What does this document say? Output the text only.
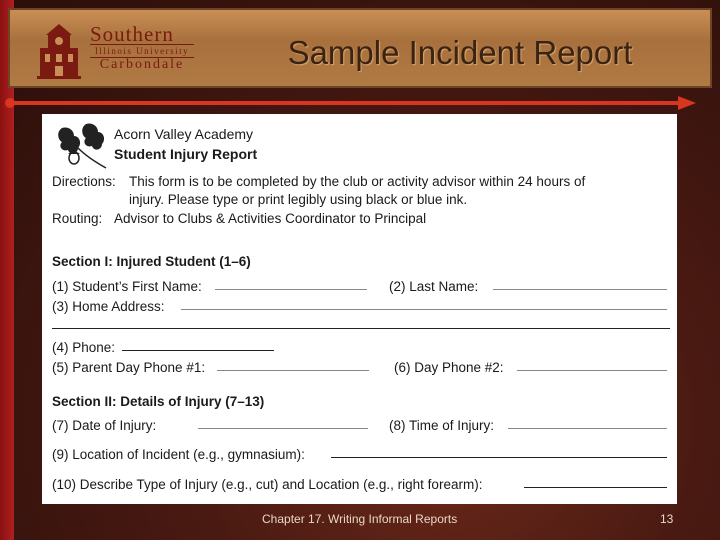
Southern
Illinois University
Carbondale	Sample Incident Report
Acorn Valley Academy
Student Injury Report
Directions: This form is to be completed by the club or activity advisor within 24 hours of
injury. Please type or print legibly using black or blue ink.
Routing: Advisor to Clubs & Activities Coordinator to Principal
Section I: Injured Student (1–6)
(1) Student’s First Name:	(2) Last Name:
(3) Home Address:
(4) Phone:
(5) Parent Day Phone #1:	(6) Day Phone #2:
Section II: Details of Injury (7–13)
(7) Date of Injury:	(8) Time of Injury:
(9) Location of Incident (e.g., gymnasium):
(10) Describe Type of Injury (e.g., cut) and Location (e.g., right forearm):
Chapter 17. Writing Informal Reports	13
